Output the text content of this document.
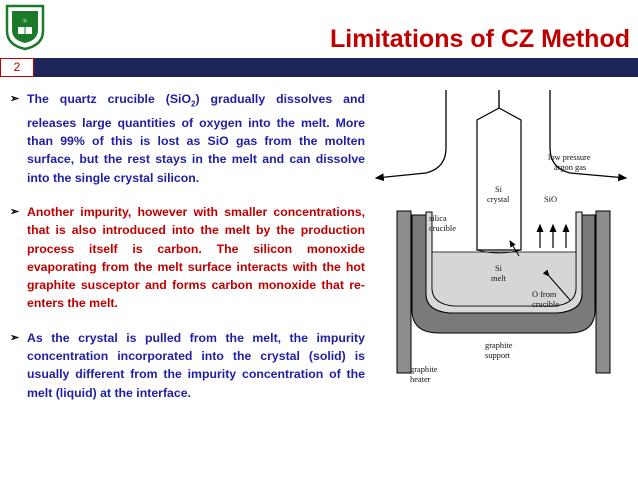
☼
Limitations of CZ Method
2
➢ The quartz crucible (SiO$_2$) gradually dissolves and releases large quantities of oxygen into the melt. More than 99% of this is lost as SiO gas from the molten surface, but the rest stays in the melt and can dissolve into the single crystal silicon.
➢ Another impurity, however with smaller concentrations, that is also introduced into the melt by the production process itself is carbon. The silicon monoxide evaporating from the melt surface interacts with the hot graphite susceptor and forms carbon monoxide that re-enters the melt.
➢ As the crystal is pulled from the melt, the impurity concentration incorporated into the crystal (solid) is usually different from the impurity concentration of the melt (liquid) at the interface.
low pressure
argon gas
Si
crystal	SiO
silica
crucible
Si
melt
O from
crucible
graphite
support
graphite
heater
